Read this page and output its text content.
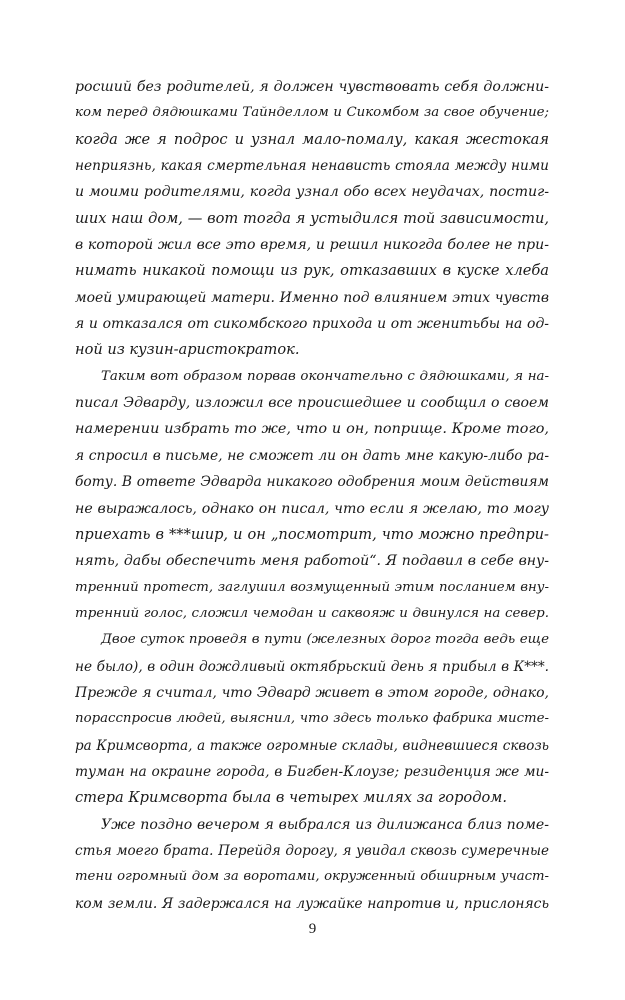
росший без родителей, я должен чувствовать себя должни-
ком перед дядюшками Тайнделлом и Сикомбом за свое обучение;
когда же я подрос и узнал мало-помалу, какая жестокая
неприязнь, какая смертельная ненависть стояла между ними
и моими родителями, когда узнал обо всех неудачах, постиг-
ших наш дом, — вот тогда я устыдился той зависимости,
в которой жил все это время, и решил никогда более не при-
нимать никакой помощи из рук, отказавших в куске хлеба
моей умирающей матери. Именно под влиянием этих чувств
я и отказался от сикомбского прихода и от женитьбы на од-
ной из кузин-аристократок.
Таким вот образом порвав окончательно с дядюшками, я на-
писал Эдварду, изложил все происшедшее и сообщил о своем
намерении избрать то же, что и он, поприще. Кроме того,
я спросил в письме, не сможет ли он дать мне какую-либо ра-
боту. В ответе Эдварда никакого одобрения моим действиям
не выражалось, однако он писал, что если я желаю, то могу
приехать в ***шир, и он „посмотрит, что можно предпри-
нять, дабы обеспечить меня работой“. Я подавил в себе вну-
тренний протест, заглушил возмущенный этим посланием вну-
тренний голос, сложил чемодан и саквояж и двинулся на север.
Двое суток проведя в пути (железных дорог тогда ведь еще
не было), в один дождливый октябрьский день я прибыл в К***.
Прежде я считал, что Эдвард живет в этом городе, однако,
порасспросив людей, выяснил, что здесь только фабрика мисте-
ра Кримсворта, а также огромные склады, видневшиеся сквозь
туман на окраине города, в Бигбен-Клоузе; резиденция же ми-
стера Кримсворта была в четырех милях за городом.
Уже поздно вечером я выбрался из дилижанса близ поме-
стья моего брата. Перейдя дорогу, я увидал сквозь сумеречные
тени огромный дом за воротами, окруженный обширным участ-
ком земли. Я задержался на лужайке напротив и, прислонясь
9
